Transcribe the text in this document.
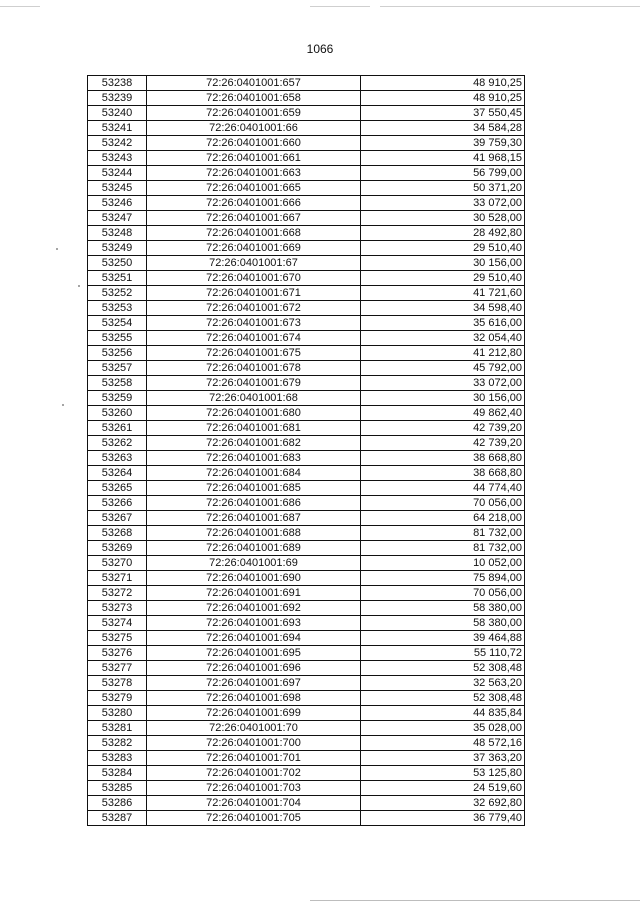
1066
53238	72:26:0401001:657	48 910,25
53239	72:26:0401001:658	48 910,25
53240	72:26:0401001:659	37 550,45
53241	72:26:0401001:66	34 584,28
53242	72:26:0401001:660	39 759,30
53243	72:26:0401001:661	41 968,15
53244	72:26:0401001:663	56 799,00
53245	72:26:0401001:665	50 371,20
53246	72:26:0401001:666	33 072,00
53247	72:26:0401001:667	30 528,00
53248	72:26:0401001:668	28 492,80
53249	72:26:0401001:669	29 510,40
53250	72:26:0401001:67	30 156,00
53251	72:26:0401001:670	29 510,40
53252	72:26:0401001:671	41 721,60
53253	72:26:0401001:672	34 598,40
53254	72:26:0401001:673	35 616,00
53255	72:26:0401001:674	32 054,40
53256	72:26:0401001:675	41 212,80
53257	72:26:0401001:678	45 792,00
53258	72:26:0401001:679	33 072,00
53259	72:26:0401001:68	30 156,00
53260	72:26:0401001:680	49 862,40
53261	72:26:0401001:681	42 739,20
53262	72:26:0401001:682	42 739,20
53263	72:26:0401001:683	38 668,80
53264	72:26:0401001:684	38 668,80
53265	72:26:0401001:685	44 774,40
53266	72:26:0401001:686	70 056,00
53267	72:26:0401001:687	64 218,00
53268	72:26:0401001:688	81 732,00
53269	72:26:0401001:689	81 732,00
53270	72:26:0401001:69	10 052,00
53271	72:26:0401001:690	75 894,00
53272	72:26:0401001:691	70 056,00
53273	72:26:0401001:692	58 380,00
53274	72:26:0401001:693	58 380,00
53275	72:26:0401001:694	39 464,88
53276	72:26:0401001:695	55 110,72
53277	72:26:0401001:696	52 308,48
53278	72:26:0401001:697	32 563,20
53279	72:26:0401001:698	52 308,48
53280	72:26:0401001:699	44 835,84
53281	72:26:0401001:70	35 028,00
53282	72:26:0401001:700	48 572,16
53283	72:26:0401001:701	37 363,20
53284	72:26:0401001:702	53 125,80
53285	72:26:0401001:703	24 519,60
53286	72:26:0401001:704	32 692,80
53287	72:26:0401001:705	36 779,40
